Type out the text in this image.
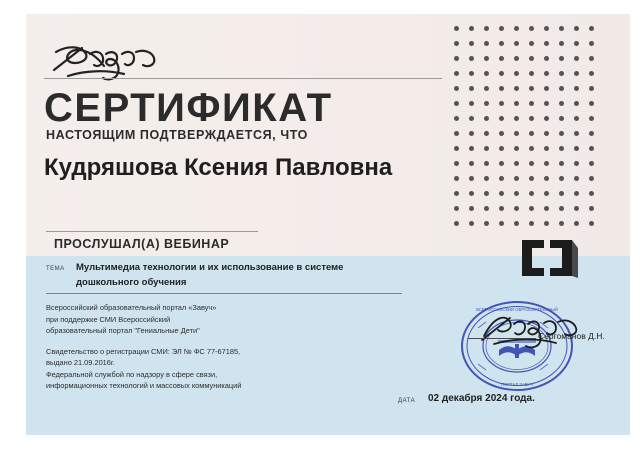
СЕРТИФИКАТ
НАСТОЯЩИМ ПОДТВЕРЖДАЕТСЯ, ЧТО
Кудряшова Ксения Павловна
ПРОСЛУШАЛ(А) ВЕБИНАР
ТЕМА Мультимедиа технологии и их использование в системе дошкольного обучения
Всероссийский образовательный портал «Завуч»
при поддержке СМИ Всероссийский
образовательный портал "Гениальные Дети"
Свидетельство о регистрации СМИ: ЭЛ № ФС 77-67185,
выдано 21.09.2016г.
Федеральной службой по надзору в сфере связи,
информационных технологий и массовых коммуникаций
ВСЕРОССИЙСКИЙ ОБРАЗОВАТЕЛЬНЫЙ
ПОРТАЛ ЗАВУЧ
Сергоманов Д.Н.
ДАТА 02 декабря 2024 года.
